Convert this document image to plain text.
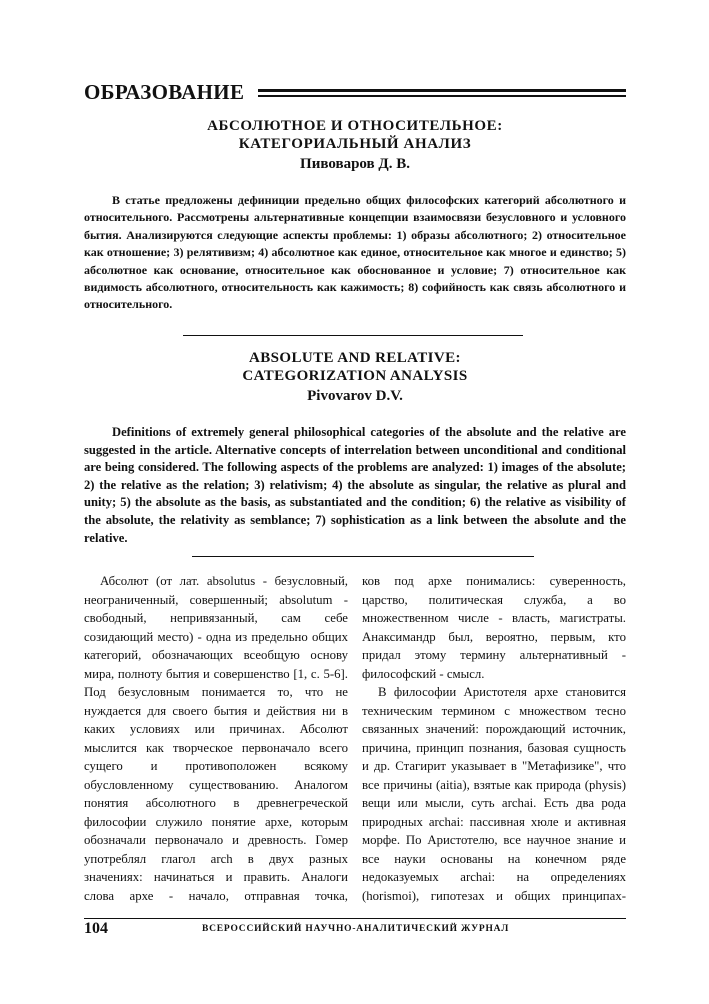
ОБРАЗОВАНИЕ
АБСОЛЮТНОЕ И ОТНОСИТЕЛЬНОЕ:
КАТЕГОРИАЛЬНЫЙ АНАЛИЗ
Пивоваров Д. В.
В статье предложены дефиниции предельно общих философских категорий абсолютного и относительного. Рассмотрены альтернативные концепции взаимосвязи безусловного и условного бытия. Анализируются следующие аспекты проблемы: 1) образы абсолютного; 2) относительное как отношение; 3) релятивизм; 4) абсолютное как единое, относительное как многое и единство; 5) абсолютное как основание, относительное как обоснованное и условие; 7) относительное как видимость абсолютного, относительность как кажимость; 8) софийность как связь абсолютного и относительного.
ABSOLUTE AND RELATIVE:
CATEGORIZATION ANALYSIS
Pivovarov D.V.
Definitions of extremely general philosophical categories of the absolute and the relative are suggested in the article. Alternative concepts of interrelation between unconditional and conditional are being considered. The following aspects of the problems are analyzed: 1) images of the absolute; 2) the relative as the relation; 3) relativism; 4) the absolute as singular, the relative as plural and unity; 5) the absolute as the basis, as substantiated and the condition; 6) the relative as visibility of the absolute, the relativity as semblance; 7) sophistication as a link between the absolute and the relative.

Абсолют (от лат. absolutus - безусловный, неограниченный, совершенный; absolutum - свободный, непривязанный, сам себе созидающий место) - одна из предельно общих категорий, обозначающих всеобщую основу мира, полноту бытия и совершенство [1, с. 5-6]. Под безусловным понимается то, что не нуждается для своего бытия и действия ни в каких условиях или причинах. Абсолют мыслится как творческое первоначало всего сущего и противоположен всякому обусловленному существованию. Аналогом понятия абсолютного в древнегреческой философии служило понятие архе, которым обозначали первоначало и древность. Гомер употреблял глагол arch в двух разных значениях: начинаться и править. Аналоги слова архе - начало, отправная точка,

ков под архе понимались: суверенность, царство, политическая служба, а во множественном числе - власть, магистраты. Анаксимандр был, вероятно, первым, кто придал этому термину альтернативный - философский - смысл.

В философии Аристотеля архе становится техническим термином с множеством тесно связанных значений: порождающий источник, причина, принцип познания, базовая сущность и др. Стагирит указывает в "Метафизике", что все причины (aitia), взятые как природа (physis) вещи или мысли, суть archai. Есть два рода природных archai: пассивная хюле и активная морфе. По Аристотелю, все научное знание и все науки основаны на конечном ряде недоказуемых archai: на определениях (horismoi), гипотезах и общих принципах-

104	ВСЕРОССИЙСКИЙ НАУЧНО-АНАЛИТИЧЕСКИЙ ЖУРНАЛ
